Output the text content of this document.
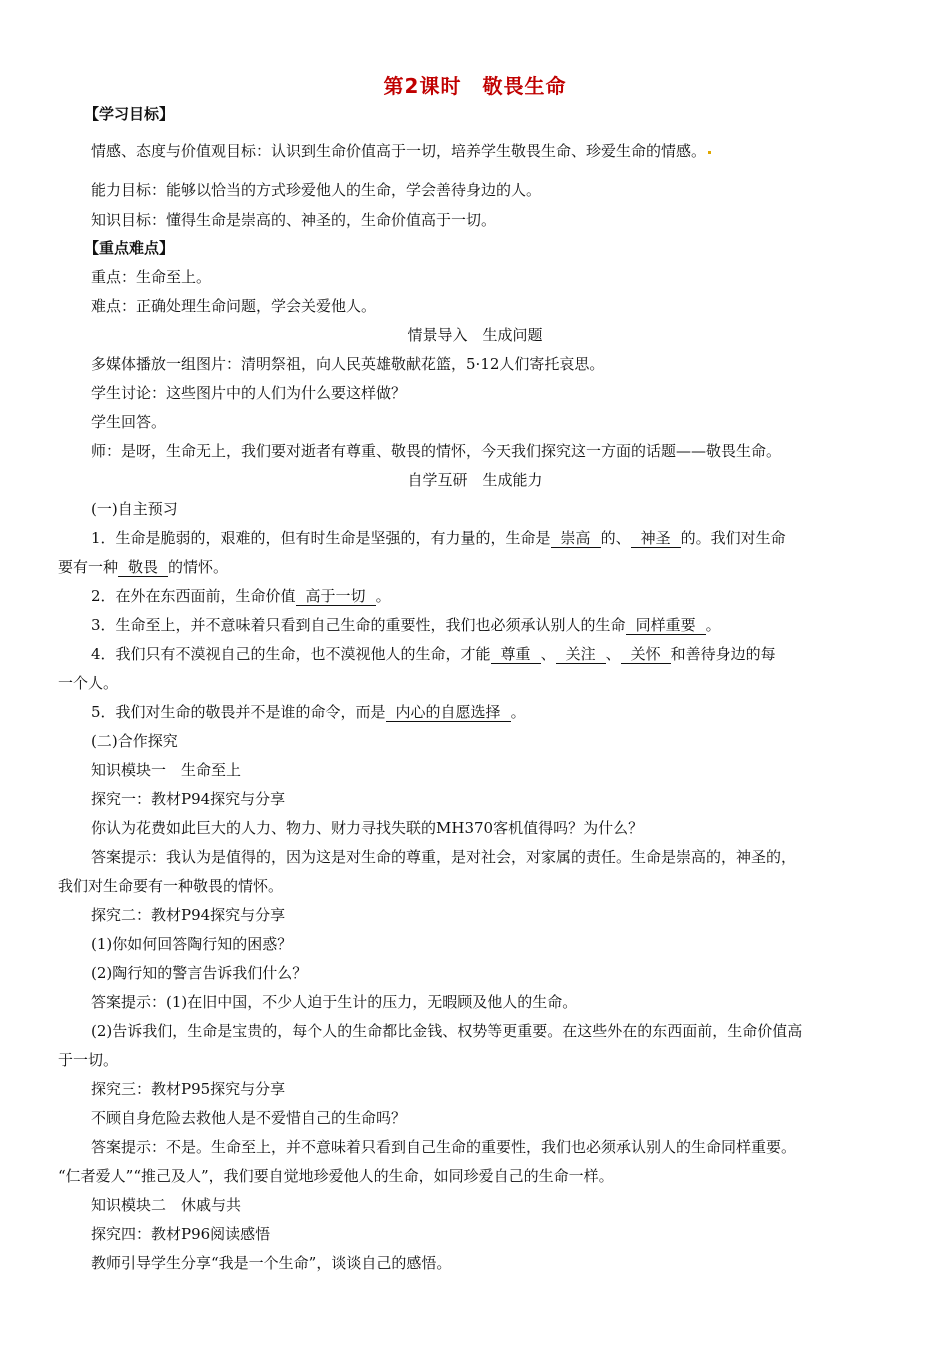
第2课时　敬畏生命
【学习目标】
情感、态度与价值观目标：认识到生命价值高于一切，培养学生敬畏生命、珍爱生命的情感。
能力目标：能够以恰当的方式珍爱他人的生命，学会善待身边的人。
知识目标：懂得生命是崇高的、神圣的，生命价值高于一切。
【重点难点】
重点：生命至上。
难点：正确处理生命问题，学会关爱他人。
情景导入　生成问题
多媒体播放一组图片：清明祭祖，向人民英雄敬献花篮，5·12人们寄托哀思。
学生讨论：这些图片中的人们为什么要这样做？
学生回答。
师：是呀，生命无上，我们要对逝者有尊重、敬畏的情怀，今天我们探究这一方面的话题——敬畏生命。
自学互研　生成能力
(一)自主预习
1．生命是脆弱的，艰难的，但有时生命是坚强的，有力量的，生命是 崇高 的、 神圣 的。我们对生命
要有一种 敬畏 的情怀。
2．在外在东西面前，生命价值 高于一切 。
3．生命至上，并不意味着只看到自己生命的重要性，我们也必须承认别人的生命 同样重要 。
4．我们只有不漠视自己的生命，也不漠视他人的生命，才能 尊重 、 关注 、 关怀 和善待身边的每
一个人。
5．我们对生命的敬畏并不是谁的命令，而是 内心的自愿选择 。
(二)合作探究
知识模块一　生命至上
探究一：教材P94探究与分享
你认为花费如此巨大的人力、物力、财力寻找失联的MH370客机值得吗？为什么？
答案提示：我认为是值得的，因为这是对生命的尊重，是对社会，对家属的责任。生命是崇高的，神圣的，
我们对生命要有一种敬畏的情怀。
探究二：教材P94探究与分享
(1)你如何回答陶行知的困惑？
(2)陶行知的警言告诉我们什么？
答案提示：(1)在旧中国，不少人迫于生计的压力，无暇顾及他人的生命。
(2)告诉我们，生命是宝贵的，每个人的生命都比金钱、权势等更重要。在这些外在的东西面前，生命价值高
于一切。
探究三：教材P95探究与分享
不顾自身危险去救他人是不爱惜自己的生命吗？
答案提示：不是。生命至上，并不意味着只看到自己生命的重要性，我们也必须承认别人的生命同样重要。
“仁者爱人”“推己及人”，我们要自觉地珍爱他人的生命，如同珍爱自己的生命一样。
知识模块二　休戚与共
探究四：教材P96阅读感悟
教师引导学生分享“我是一个生命”，谈谈自己的感悟。
